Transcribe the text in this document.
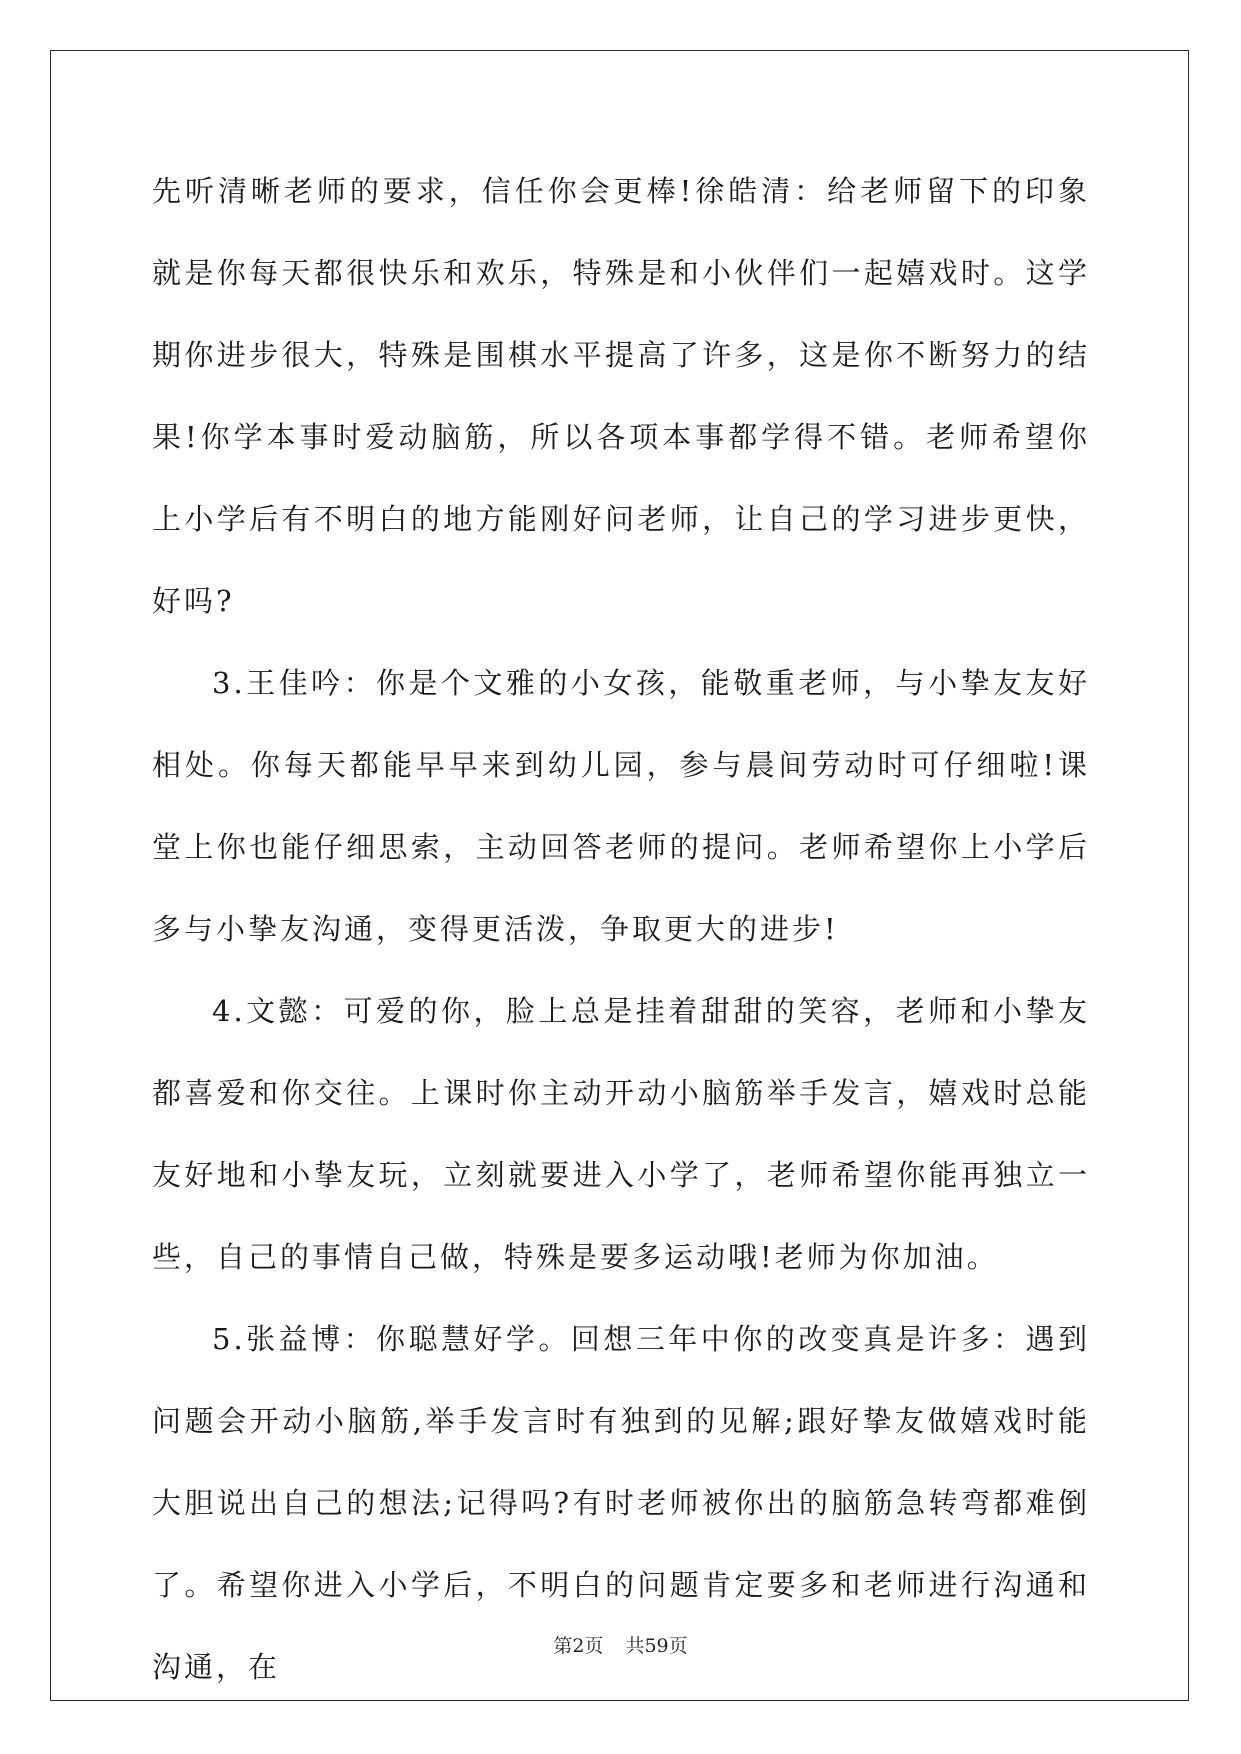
先听清晰老师的要求，信任你会更棒!徐皓清：给老师留下的印象就是你每天都很快乐和欢乐，特殊是和小伙伴们一起嬉戏时。这学期你进步很大，特殊是围棋水平提高了许多，这是你不断努力的结果!你学本事时爱动脑筋，所以各项本事都学得不错。老师希望你上小学后有不明白的地方能刚好问老师，让自己的学习进步更快，好吗?

3.王佳吟：你是个文雅的小女孩，能敬重老师，与小挚友友好相处。你每天都能早早来到幼儿园，参与晨间劳动时可仔细啦!课堂上你也能仔细思索，主动回答老师的提问。老师希望你上小学后多与小挚友沟通，变得更活泼，争取更大的进步!

4.文懿：可爱的你，脸上总是挂着甜甜的笑容，老师和小挚友都喜爱和你交往。上课时你主动开动小脑筋举手发言，嬉戏时总能友好地和小挚友玩，立刻就要进入小学了，老师希望你能再独立一些，自己的事情自己做，特殊是要多运动哦!老师为你加油。

5.张益博：你聪慧好学。回想三年中你的改变真是许多：遇到问题会开动小脑筋,举手发言时有独到的见解;跟好挚友做嬉戏时能大胆说出自己的想法;记得吗?有时老师被你出的脑筋急转弯都难倒了。希望你进入小学后，不明白的问题肯定要多和老师进行沟通和沟通，在

第2页 共59页
